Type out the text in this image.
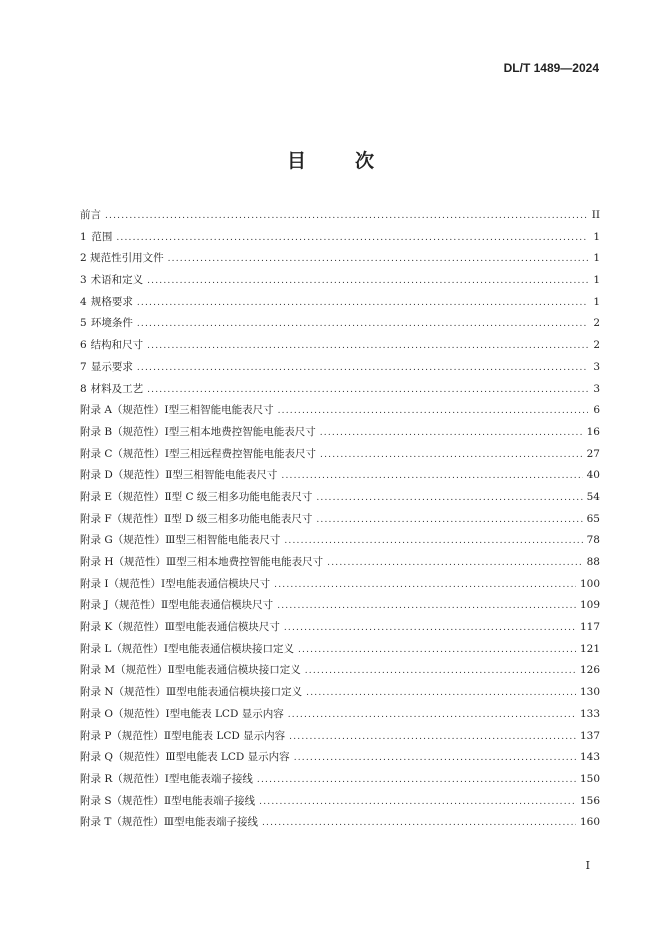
DL/T 1489—2024
目	次
前言 .....	II
1 范围 .....	1
2 规范性引用文件 .....	1
3 术语和定义 .....	1
4 规格要求 .....	1
5 环境条件 .....	2
6 结构和尺寸 .....	2
7 显示要求 .....	3
8 材料及工艺 .....	3
附录 A （规范性） Ⅰ型三相智能电能表尺寸 .....	6
附录 B （规范性） Ⅰ型三相本地费控智能电能表尺寸 .....	16
附录 C （规范性） Ⅰ型三相远程费控智能电能表尺寸 .....	27
附录 D （规范性） Ⅱ型三相智能电能表尺寸 .....	40
附录 E （规范性） Ⅱ型 C 级三相多功能电能表尺寸 .....	54
附录 F （规范性） Ⅱ型 D 级三相多功能电能表尺寸 .....	65
附录 G （规范性） Ⅲ型三相智能电能表尺寸 .....	78
附录 H （规范性） Ⅲ型三相本地费控智能电能表尺寸 .....	88
附录 I （规范性） Ⅰ型电能表通信模块尺寸 .....	100
附录 J （规范性） Ⅱ型电能表通信模块尺寸 .....	109
附录 K （规范性） Ⅲ型电能表通信模块尺寸 .....	117
附录 L （规范性） Ⅰ型电能表通信模块接口定义 .....	121
附录 M （规范性） Ⅱ型电能表通信模块接口定义 .....	126
附录 N （规范性） Ⅲ型电能表通信模块接口定义 .....	130
附录 O （规范性） Ⅰ型电能表 LCD 显示内容 .....	133
附录 P （规范性） Ⅱ型电能表 LCD 显示内容 .....	137
附录 Q （规范性） Ⅲ型电能表 LCD 显示内容 .....	143
附录 R （规范性） Ⅰ型电能表端子接线 .....	150
附录 S （规范性） Ⅱ型电能表端子接线 .....	156
附录 T （规范性） Ⅲ型电能表端子接线 .....	160
I
